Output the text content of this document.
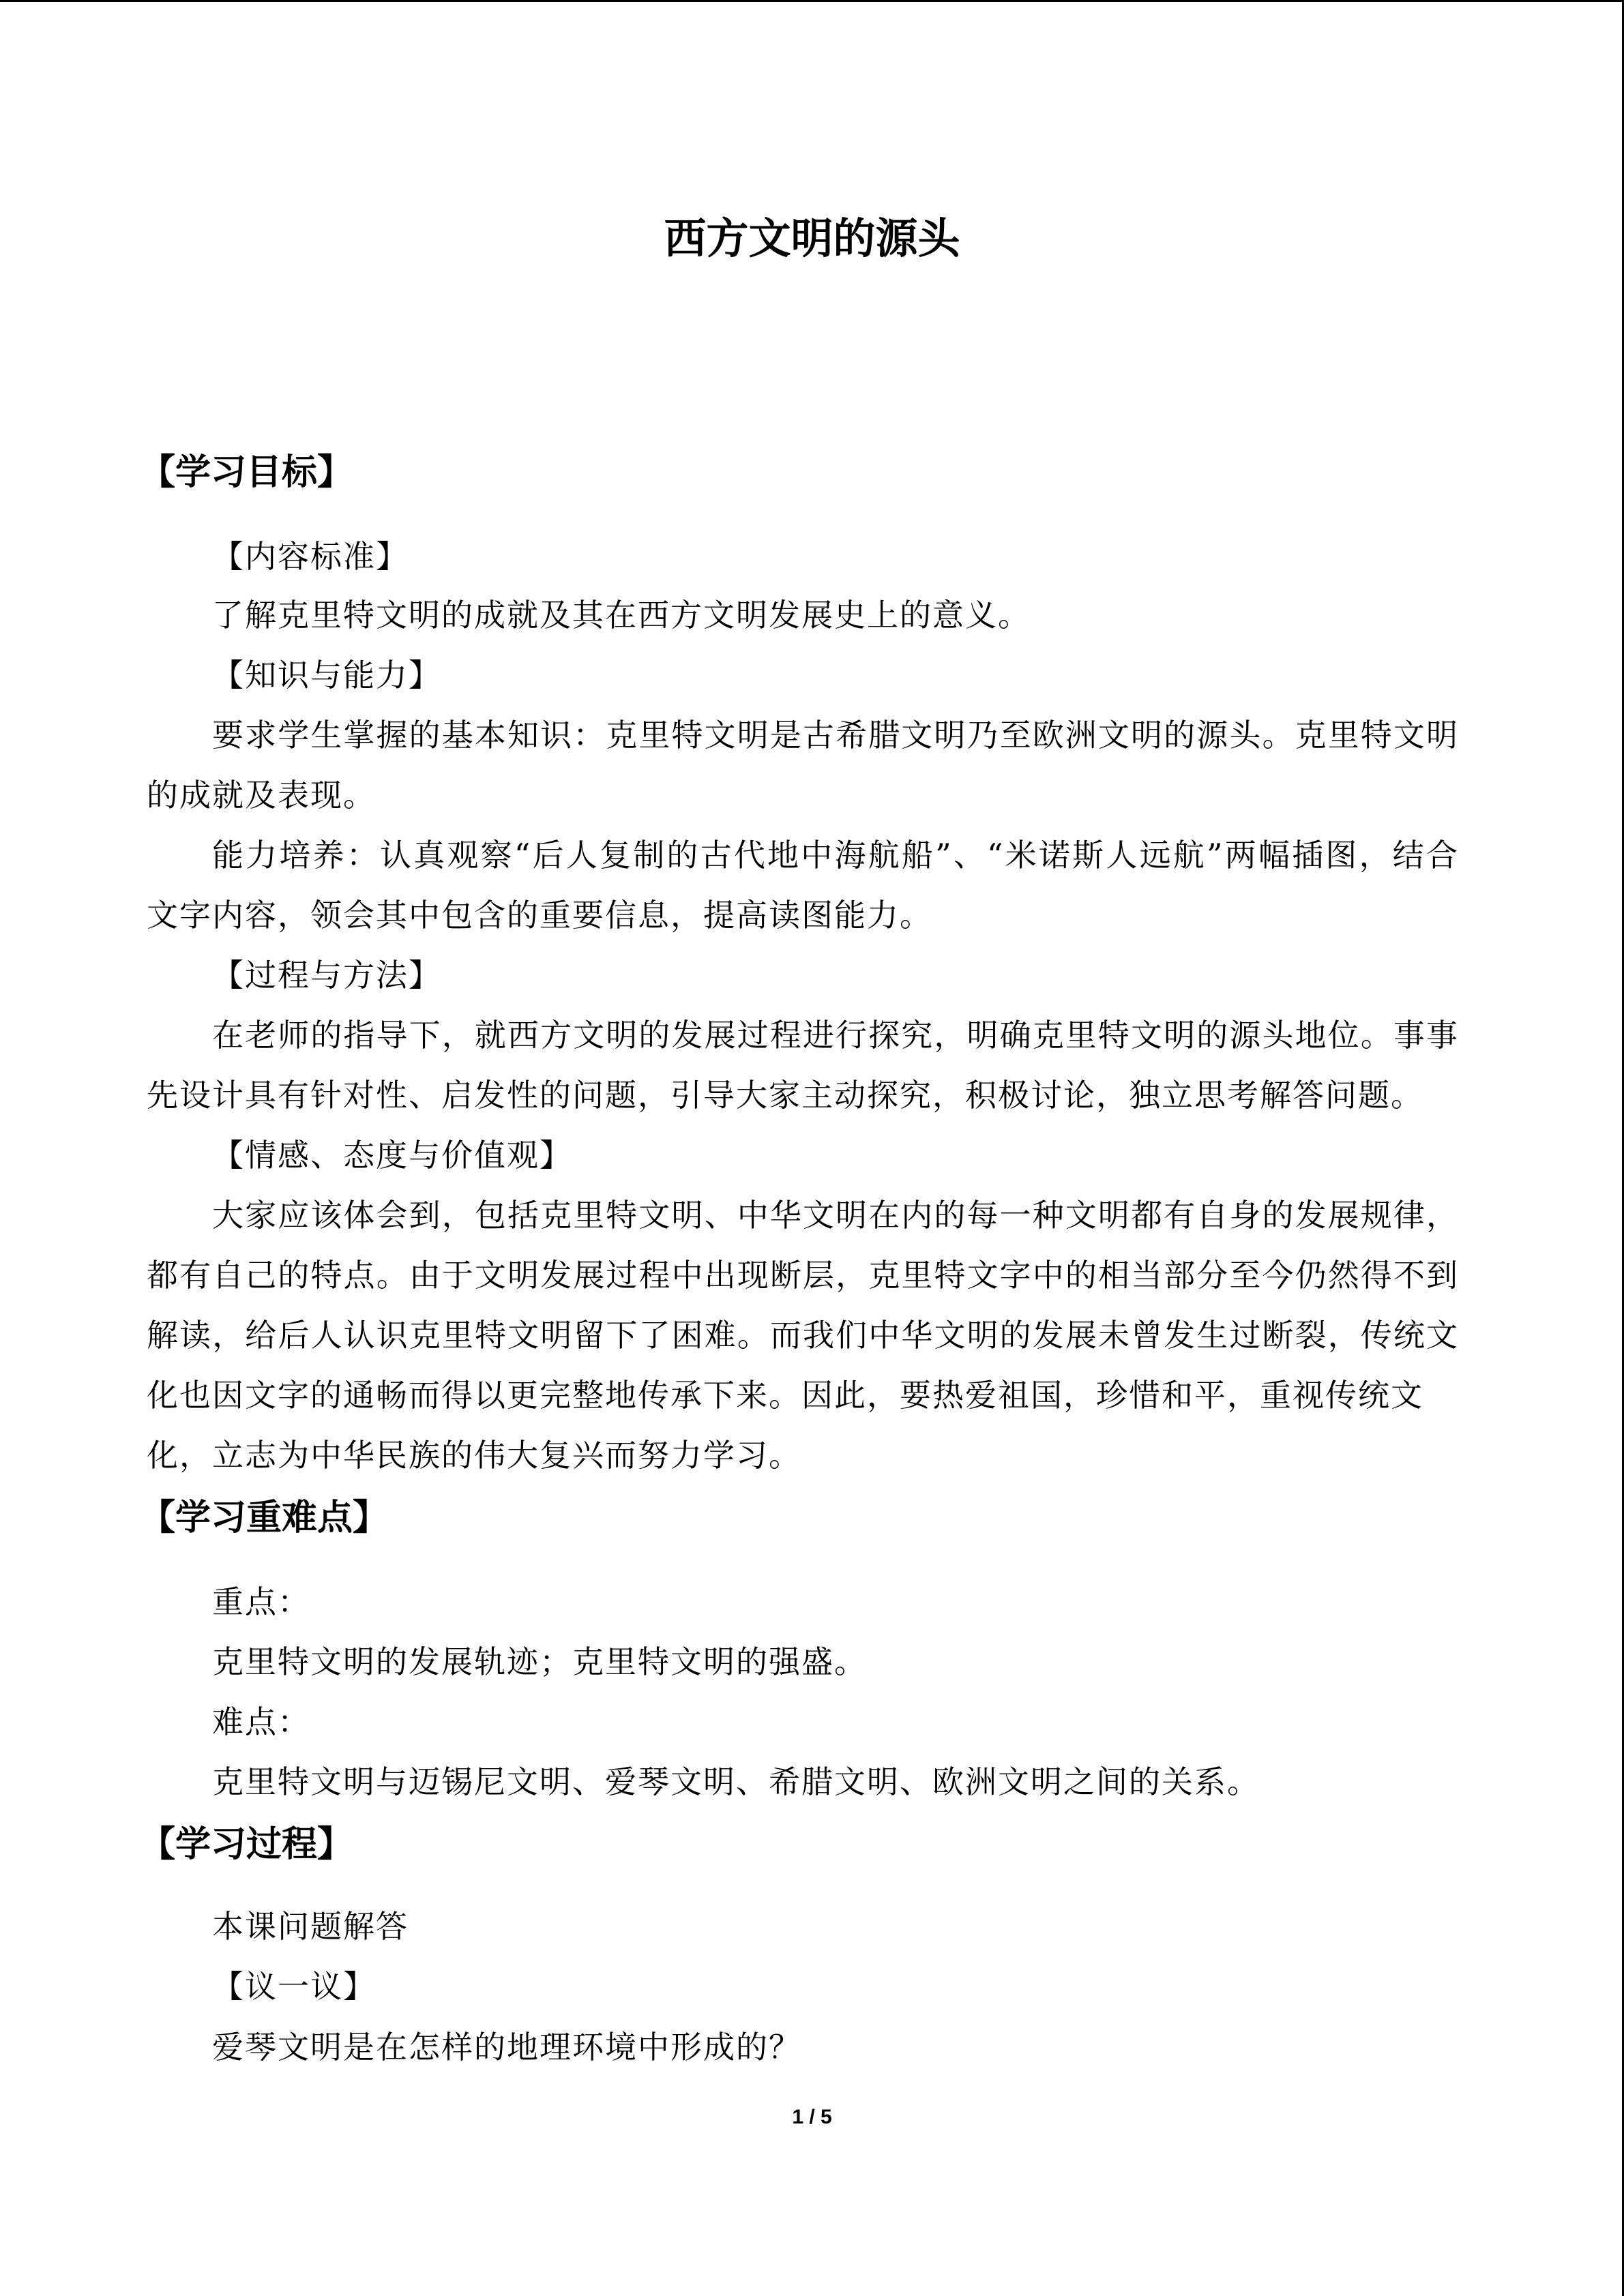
西方文明的源头
【学习目标】
【内容标准】
了解克里特文明的成就及其在西方文明发展史上的意义。
【知识与能力】
要求学生掌握的基本知识：克里特文明是古希腊文明乃至欧洲文明的源头。克里特文明
的成就及表现。
能力培养：认真观察“后人复制的古代地中海航船”、“米诺斯人远航”两幅插图，结合
文字内容，领会其中包含的重要信息，提高读图能力。
【过程与方法】
在老师的指导下，就西方文明的发展过程进行探究，明确克里特文明的源头地位。事事
先设计具有针对性、启发性的问题，引导大家主动探究，积极讨论，独立思考解答问题。
【情感、态度与价值观】
大家应该体会到，包括克里特文明、中华文明在内的每一种文明都有自身的发展规律，
都有自己的特点。由于文明发展过程中出现断层，克里特文字中的相当部分至今仍然得不到
解读，给后人认识克里特文明留下了困难。而我们中华文明的发展未曾发生过断裂，传统文
化也因文字的通畅而得以更完整地传承下来。因此，要热爱祖国，珍惜和平，重视传统文
化，立志为中华民族的伟大复兴而努力学习。
【学习重难点】
重点：
克里特文明的发展轨迹；克里特文明的强盛。
难点：
克里特文明与迈锡尼文明、爱琴文明、希腊文明、欧洲文明之间的关系。
【学习过程】
本课问题解答
【议一议】
爱琴文明是在怎样的地理环境中形成的？
1 / 5
